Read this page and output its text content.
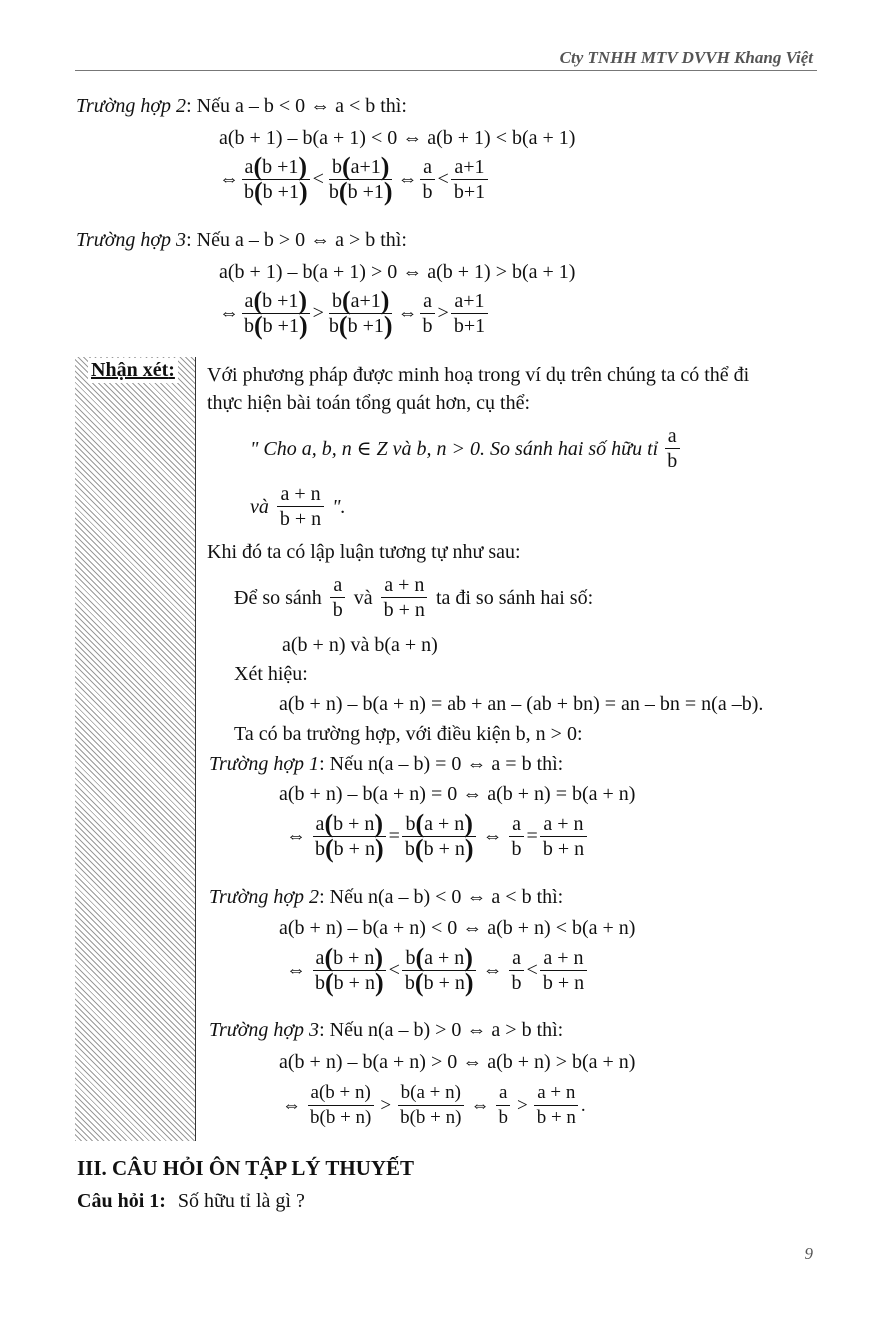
Cty TNHH MTV DVVH Khang Việt
Trường hợp 2: Nếu a – b < 0 ⇔ a < b thì:
a(b + 1) – b(a + 1) < 0 ⇔ a(b + 1) < b(a + 1)
⇔ $\frac{a(b +1)}{b(b +1)} < \frac{b(a+1)}{b(b +1)}$ ⇔ $\frac{a}{b} < \frac{a+1}{b+1}$
Trường hợp 3: Nếu a – b > 0 ⇔ a > b thì:
a(b + 1) – b(a + 1) > 0 ⇔ a(b + 1) > b(a + 1)
⇔ $\frac{a(b +1)}{b(b +1)} > \frac{b(a+1)}{b(b +1)}$ ⇔ $\frac{a}{b} > \frac{a+1}{b+1}$
Nhận xét: Với phương pháp được minh hoạ trong ví dụ trên chúng ta có thể đi
thực hiện bài toán tổng quát hơn, cụ thể:
" Cho a, b, n ∈ Z và b, n > 0. So sánh hai số hữu tỉ $\frac{a}{b}$
và $\frac{a + n}{b + n}$ ".
Khi đó ta có lập luận tương tự như sau:
Để so sánh $\frac{a}{b}$ và $\frac{a + n}{b + n}$ ta đi so sánh hai số:
a(b + n) và b(a + n)
Xét hiệu:
a(b + n) – b(a + n) = ab + an – (ab + bn) = an – bn = n(a –b).
Ta có ba trường hợp, với điều kiện b, n > 0:
Trường hợp 1: Nếu n(a – b) = 0 ⇔ a = b thì:
a(b + n) – b(a + n) = 0 ⇔ a(b + n) = b(a + n)
⇔ $\frac{a(b + n)}{b(b + n)} = \frac{b(a + n)}{b(b + n)}$ ⇔ $\frac{a}{b} = \frac{a + n}{b + n}$
Trường hợp 2: Nếu n(a – b) < 0 ⇔ a < b thì:
a(b + n) – b(a + n) < 0 ⇔ a(b + n) < b(a + n)
⇔ $\frac{a(b + n)}{b(b + n)} < \frac{b(a + n)}{b(b + n)}$ ⇔ $\frac{a}{b} < \frac{a + n}{b + n}$
Trường hợp 3: Nếu n(a – b) > 0 ⇔ a > b thì:
a(b + n) – b(a + n) > 0 ⇔ a(b + n) > b(a + n)
⇔ $\frac{a(b + n)}{b(b + n)} > \frac{b(a + n)}{b(b + n)}$ ⇔ $\frac{a}{b} > \frac{a + n}{b + n}$ .
III. CÂU HỎI ÔN TẬP LÝ THUYẾT
Câu hỏi 1: Số hữu tỉ là gì ?
9
